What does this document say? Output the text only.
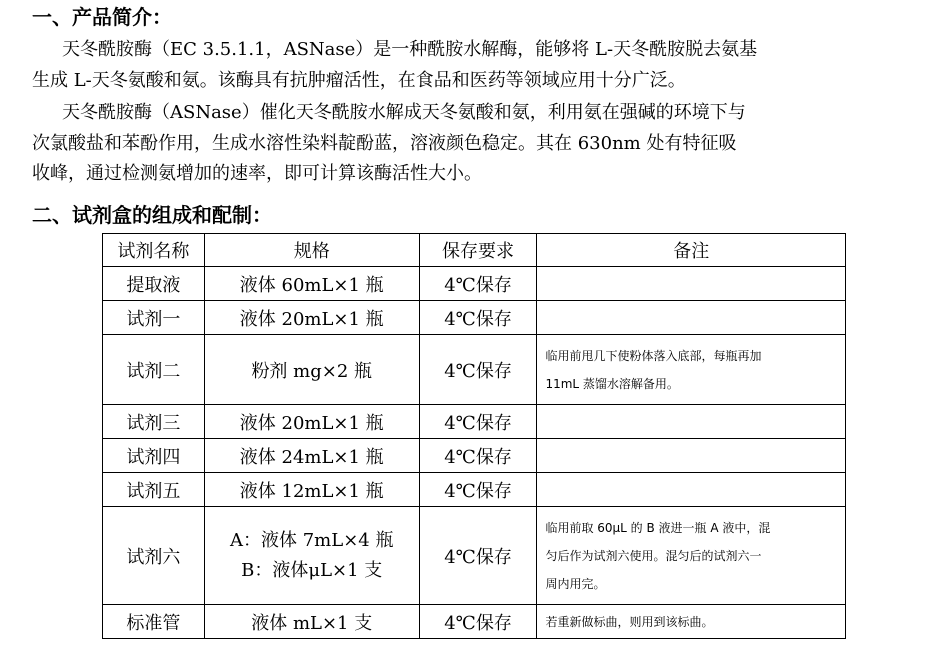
一、产品简介：
天冬酰胺酶（EC 3.5.1.1，ASNase）是一种酰胺水解酶，能够将 L-天冬酰胺脱去氨基
生成 L-天冬氨酸和氨。该酶具有抗肿瘤活性，在食品和医药等领域应用十分广泛。
天冬酰胺酶（ASNase）催化天冬酰胺水解成天冬氨酸和氨，利用氨在强碱的环境下与
次氯酸盐和苯酚作用，生成水溶性染料靛酚蓝，溶液颜色稳定。其在 630nm 处有特征吸
收峰，通过检测氨增加的速率，即可计算该酶活性大小。
二、试剂盒的组成和配制：
试剂名称	规格	保存要求	备注
提取液	液体 60mL×1 瓶	4℃保存	
试剂一	液体 20mL×1 瓶	4℃保存	
试剂二	粉剂 mg×2 瓶	4℃保存	临用前甩几下使粉体落入底部，每瓶再加
11mL 蒸馏水溶解备用。

试剂三	液体 20mL×1 瓶	4℃保存	
试剂四	液体 24mL×1 瓶	4℃保存	
试剂五	液体 12mL×1 瓶	4℃保存	
试剂六	A：液体 7mL×4 瓶
B：液体μL×1 支	4℃保存	临用前取 60μL 的 B 液进一瓶 A 液中，混
匀后作为试剂六使用。混匀后的试剂六一
周内用完。

标准管	液体 mL×1 支	4℃保存	若重新做标曲，则用到该标曲。
